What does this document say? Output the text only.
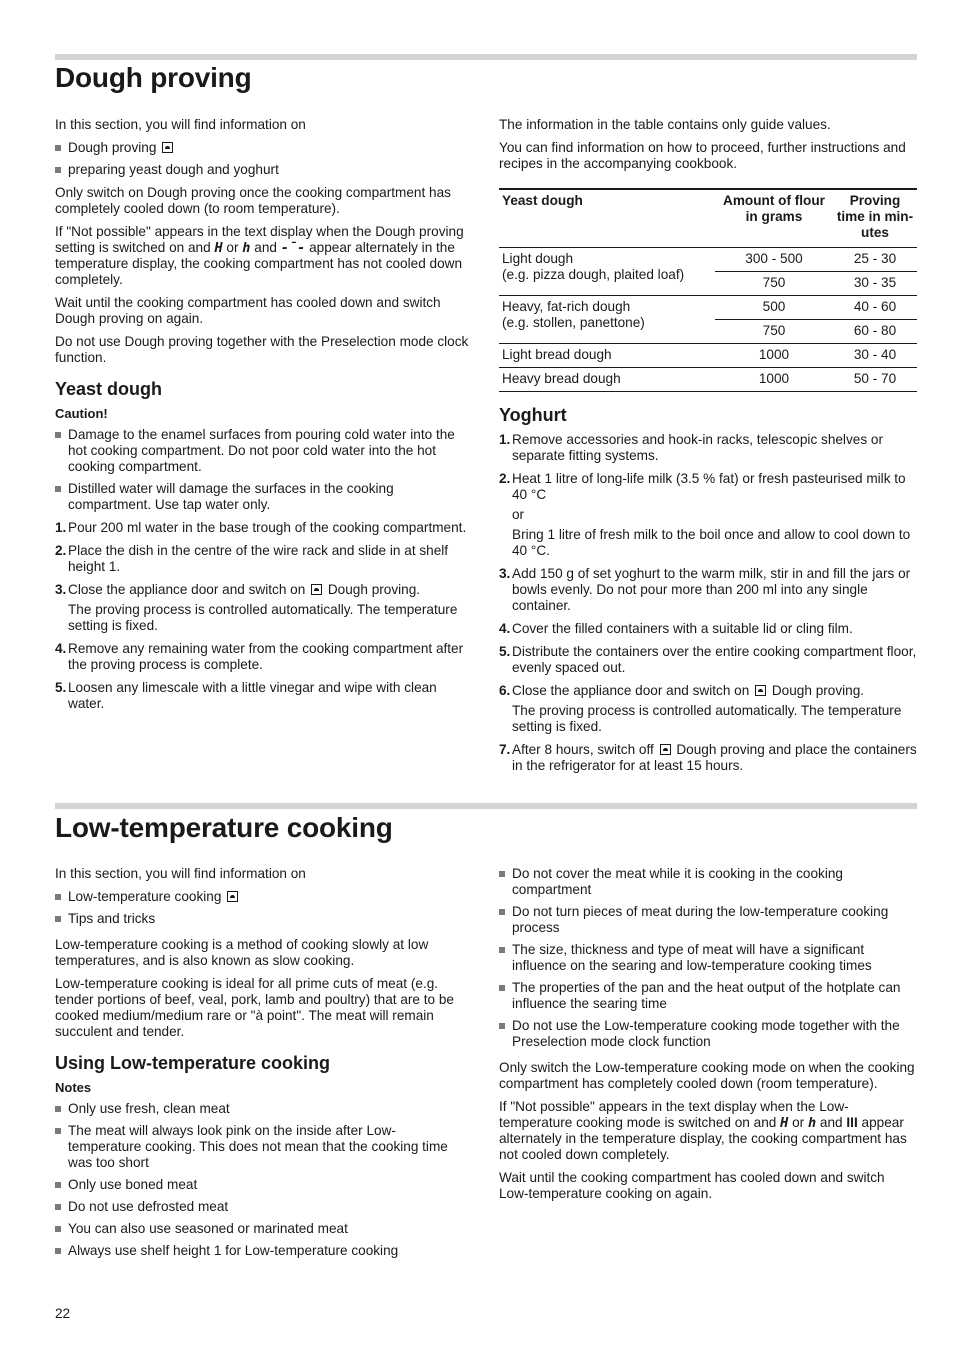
Dough proving

In this section, you will find information on

Dough proving
preparing yeast dough and yoghurt

Only switch on Dough proving once the cooking compartment has completely cooled down (to room temperature).

If "Not possible" appears in the text display when the Dough proving setting is switched on and H or h and -̄- appear alternately in the temperature display, the cooking compartment has not cooled down completely.

Wait until the cooking compartment has cooled down and switch Dough proving on again.

Do not use Dough proving together with the Preselection mode clock function.

Yeast dough
Caution!
Damage to the enamel surfaces from pouring cold water into the hot cooking compartment. Do not poor cold water into the hot cooking compartment.
Distilled water will damage the surfaces in the cooking compartment. Use tap water only.
1. Pour 200 ml water in the base trough of the cooking compartment.
2. Place the dish in the centre of the wire rack and slide in at shelf height 1.
3. Close the appliance door and switch on Dough proving.
The proving process is controlled automatically. The temperature setting is fixed.
4. Remove any remaining water from the cooking compartment after the proving process is complete.
5. Loosen any limescale with a little vinegar and wipe with clean water.

The information in the table contains only guide values.

You can find information on how to proceed, further instructions and recipes in the accompanying cookbook.

Yeast dough	Amount of flour in grams	Proving time in min-utes
Light dough
(e.g. pizza dough, plaited loaf)	300 - 500	25 - 30
	750	30 - 35
Heavy, fat-rich dough
(e.g. stollen, panettone)	500	40 - 60
	750	60 - 80
Light bread dough	1000	30 - 40
Heavy bread dough	1000	50 - 70
Yoghurt
1. Remove accessories and hook-in racks, telescopic shelves or separate fitting systems.
2. Heat 1 litre of long-life milk (3.5 % fat) or fresh pasteurised milk to 40 °C
or
Bring 1 litre of fresh milk to the boil once and allow to cool down to 40 °C.
3. Add 150 g of set yoghurt to the warm milk, stir in and fill the jars or bowls evenly. Do not pour more than 200 ml into any single container.
4. Cover the filled containers with a suitable lid or cling film.
5. Distribute the containers over the entire cooking compartment floor, evenly spaced out.
6. Close the appliance door and switch on Dough proving.
The proving process is controlled automatically. The temperature setting is fixed.
7. After 8 hours, switch off Dough proving and place the containers in the refrigerator for at least 15 hours.
Low-temperature cooking

In this section, you will find information on

Low-temperature cooking
Tips and tricks

Low-temperature cooking is a method of cooking slowly at low temperatures, and is also known as slow cooking.

Low-temperature cooking is ideal for all prime cuts of meat (e.g. tender portions of beef, veal, pork, lamb and poultry) that are to be cooked medium/medium rare or "à point". The meat will remain succulent and tender.

Using Low-temperature cooking
Notes
Only use fresh, clean meat
The meat will always look pink on the inside after Low-temperature cooking. This does not mean that the cooking time was too short
Only use boned meat
Do not use defrosted meat
You can also use seasoned or marinated meat
Always use shelf height 1 for Low-temperature cooking
Do not cover the meat while it is cooking in the cooking compartment
Do not turn pieces of meat during the low-temperature cooking process
The size, thickness and type of meat will have a significant influence on the searing and low-temperature cooking times
The properties of the pan and the heat output of the hotplate can influence the searing time
Do not use the Low-temperature cooking mode together with the Preselection mode clock function

Only switch the Low-temperature cooking mode on when the cooking compartment has completely cooled down (room temperature).

If "Not possible" appears in the text display when the Low-temperature cooking mode is switched on and H or h and III appear alternately in the temperature display, the cooking compartment has not cooled down completely.

Wait until the cooking compartment has cooled down and switch Low-temperature cooking on again.

22
